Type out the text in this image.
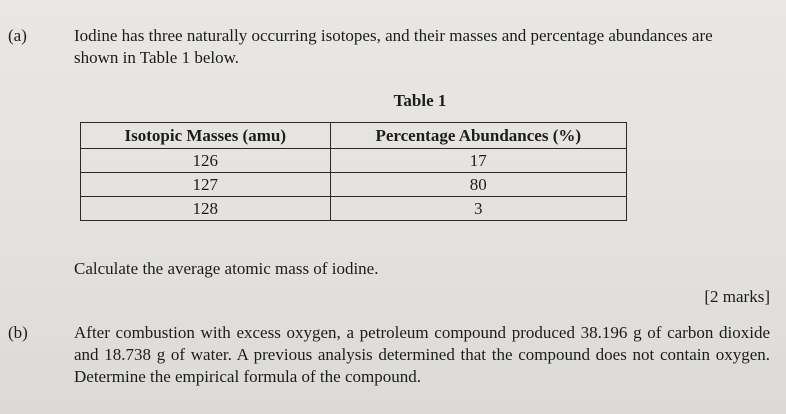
(a)	Iodine has three naturally occurring isotopes, and their masses and percentage abundances are shown in Table 1 below.
Table 1
Isotopic Masses (amu)	Percentage Abundances (%)
126	17
127	80
128	3
Calculate the average atomic mass of iodine.
[2 marks]
(b)	After combustion with excess oxygen, a petroleum compound produced 38.196 g of carbon dioxide and 18.738 g of water. A previous analysis determined that the compound does not contain oxygen. Determine the empirical formula of the compound.
